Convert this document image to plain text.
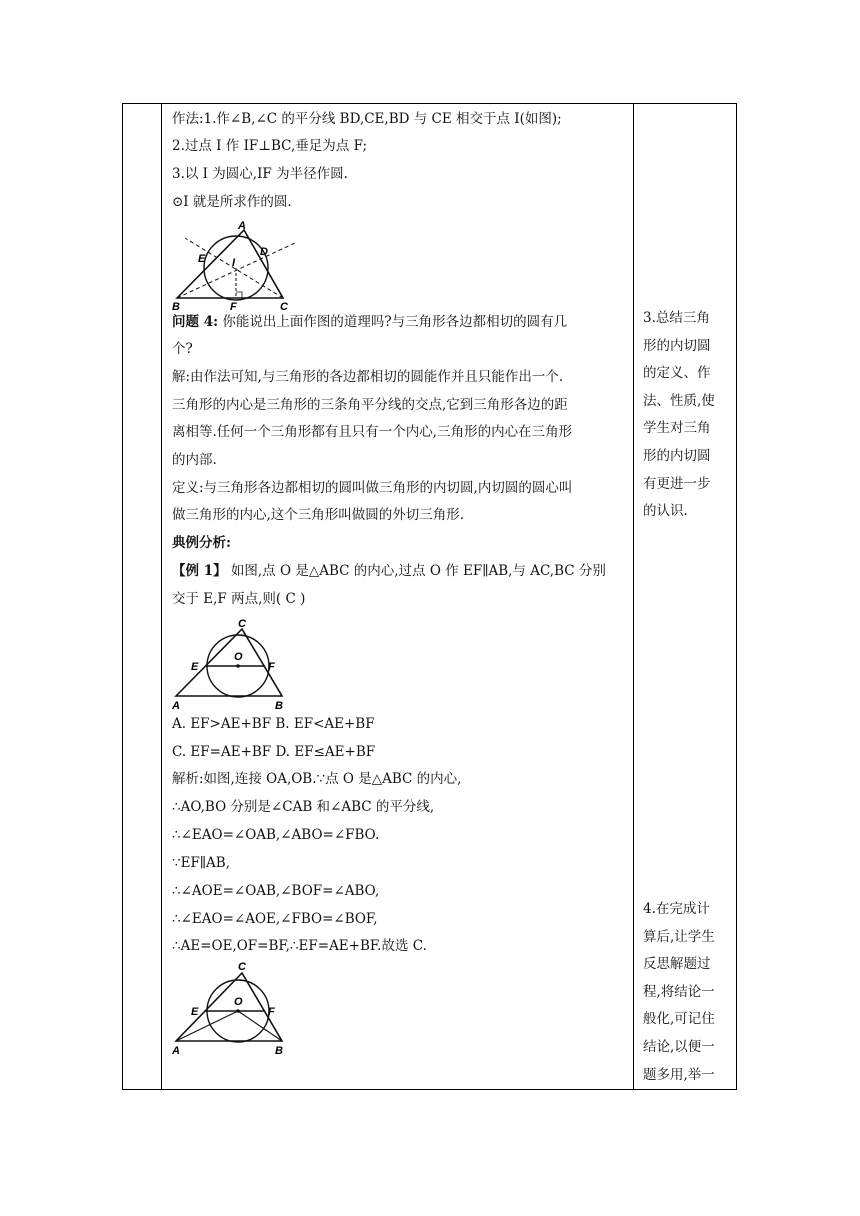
作法:1.作∠B,∠C 的平分线 BD,CE,BD 与 CE 相交于点 I(如图);
2.过点 I 作 IF⊥BC,垂足为点 F;
3.以 I 为圆心,IF 为半径作圆.
⊙I 就是所求作的圆.
A
B	C
D
E
F
I
问题 4: 你能说出上面作图的道理吗?与三角形各边都相切的圆有几
个?
解:由作法可知,与三角形的各边都相切的圆能作并且只能作出一个.
三角形的内心是三角形的三条角平分线的交点,它到三角形各边的距
离相等.任何一个三角形都有且只有一个内心,三角形的内心在三角形
的内部.
定义:与三角形各边都相切的圆叫做三角形的内切圆,内切圆的圆心叫
做三角形的内心,这个三角形叫做圆的外切三角形.
典例分析:
【例 1】 如图,点 O 是△ABC 的内心,过点 O 作 EF∥AB,与 AC,BC 分别
交于 E,F 两点,则( C )
C
A	B
E	F
O
A. EF>AE+BF B. EF<AE+BF
C. EF=AE+BF D. EF≤AE+BF
解析:如图,连接 OA,OB.∵点 O 是△ABC 的内心,
∴AO,BO 分别是∠CAB 和∠ABC 的平分线,
∴∠EAO=∠OAB,∠ABO=∠FBO.
∵EF∥AB,
∴∠AOE=∠OAB,∠BOF=∠ABO,
∴∠EAO=∠AOE,∠FBO=∠BOF,
∴AE=OE,OF=BF,∴EF=AE+BF.故选 C.
C
A	B
E	F
O
3.总结三角
形的内切圆
的定义、作
法、性质,使
学生对三角
形的内切圆
有更进一步
的认识.
4.在完成计
算后,让学生
反思解题过
程,将结论一
般化,可记住
结论,以便一
题多用,举一
